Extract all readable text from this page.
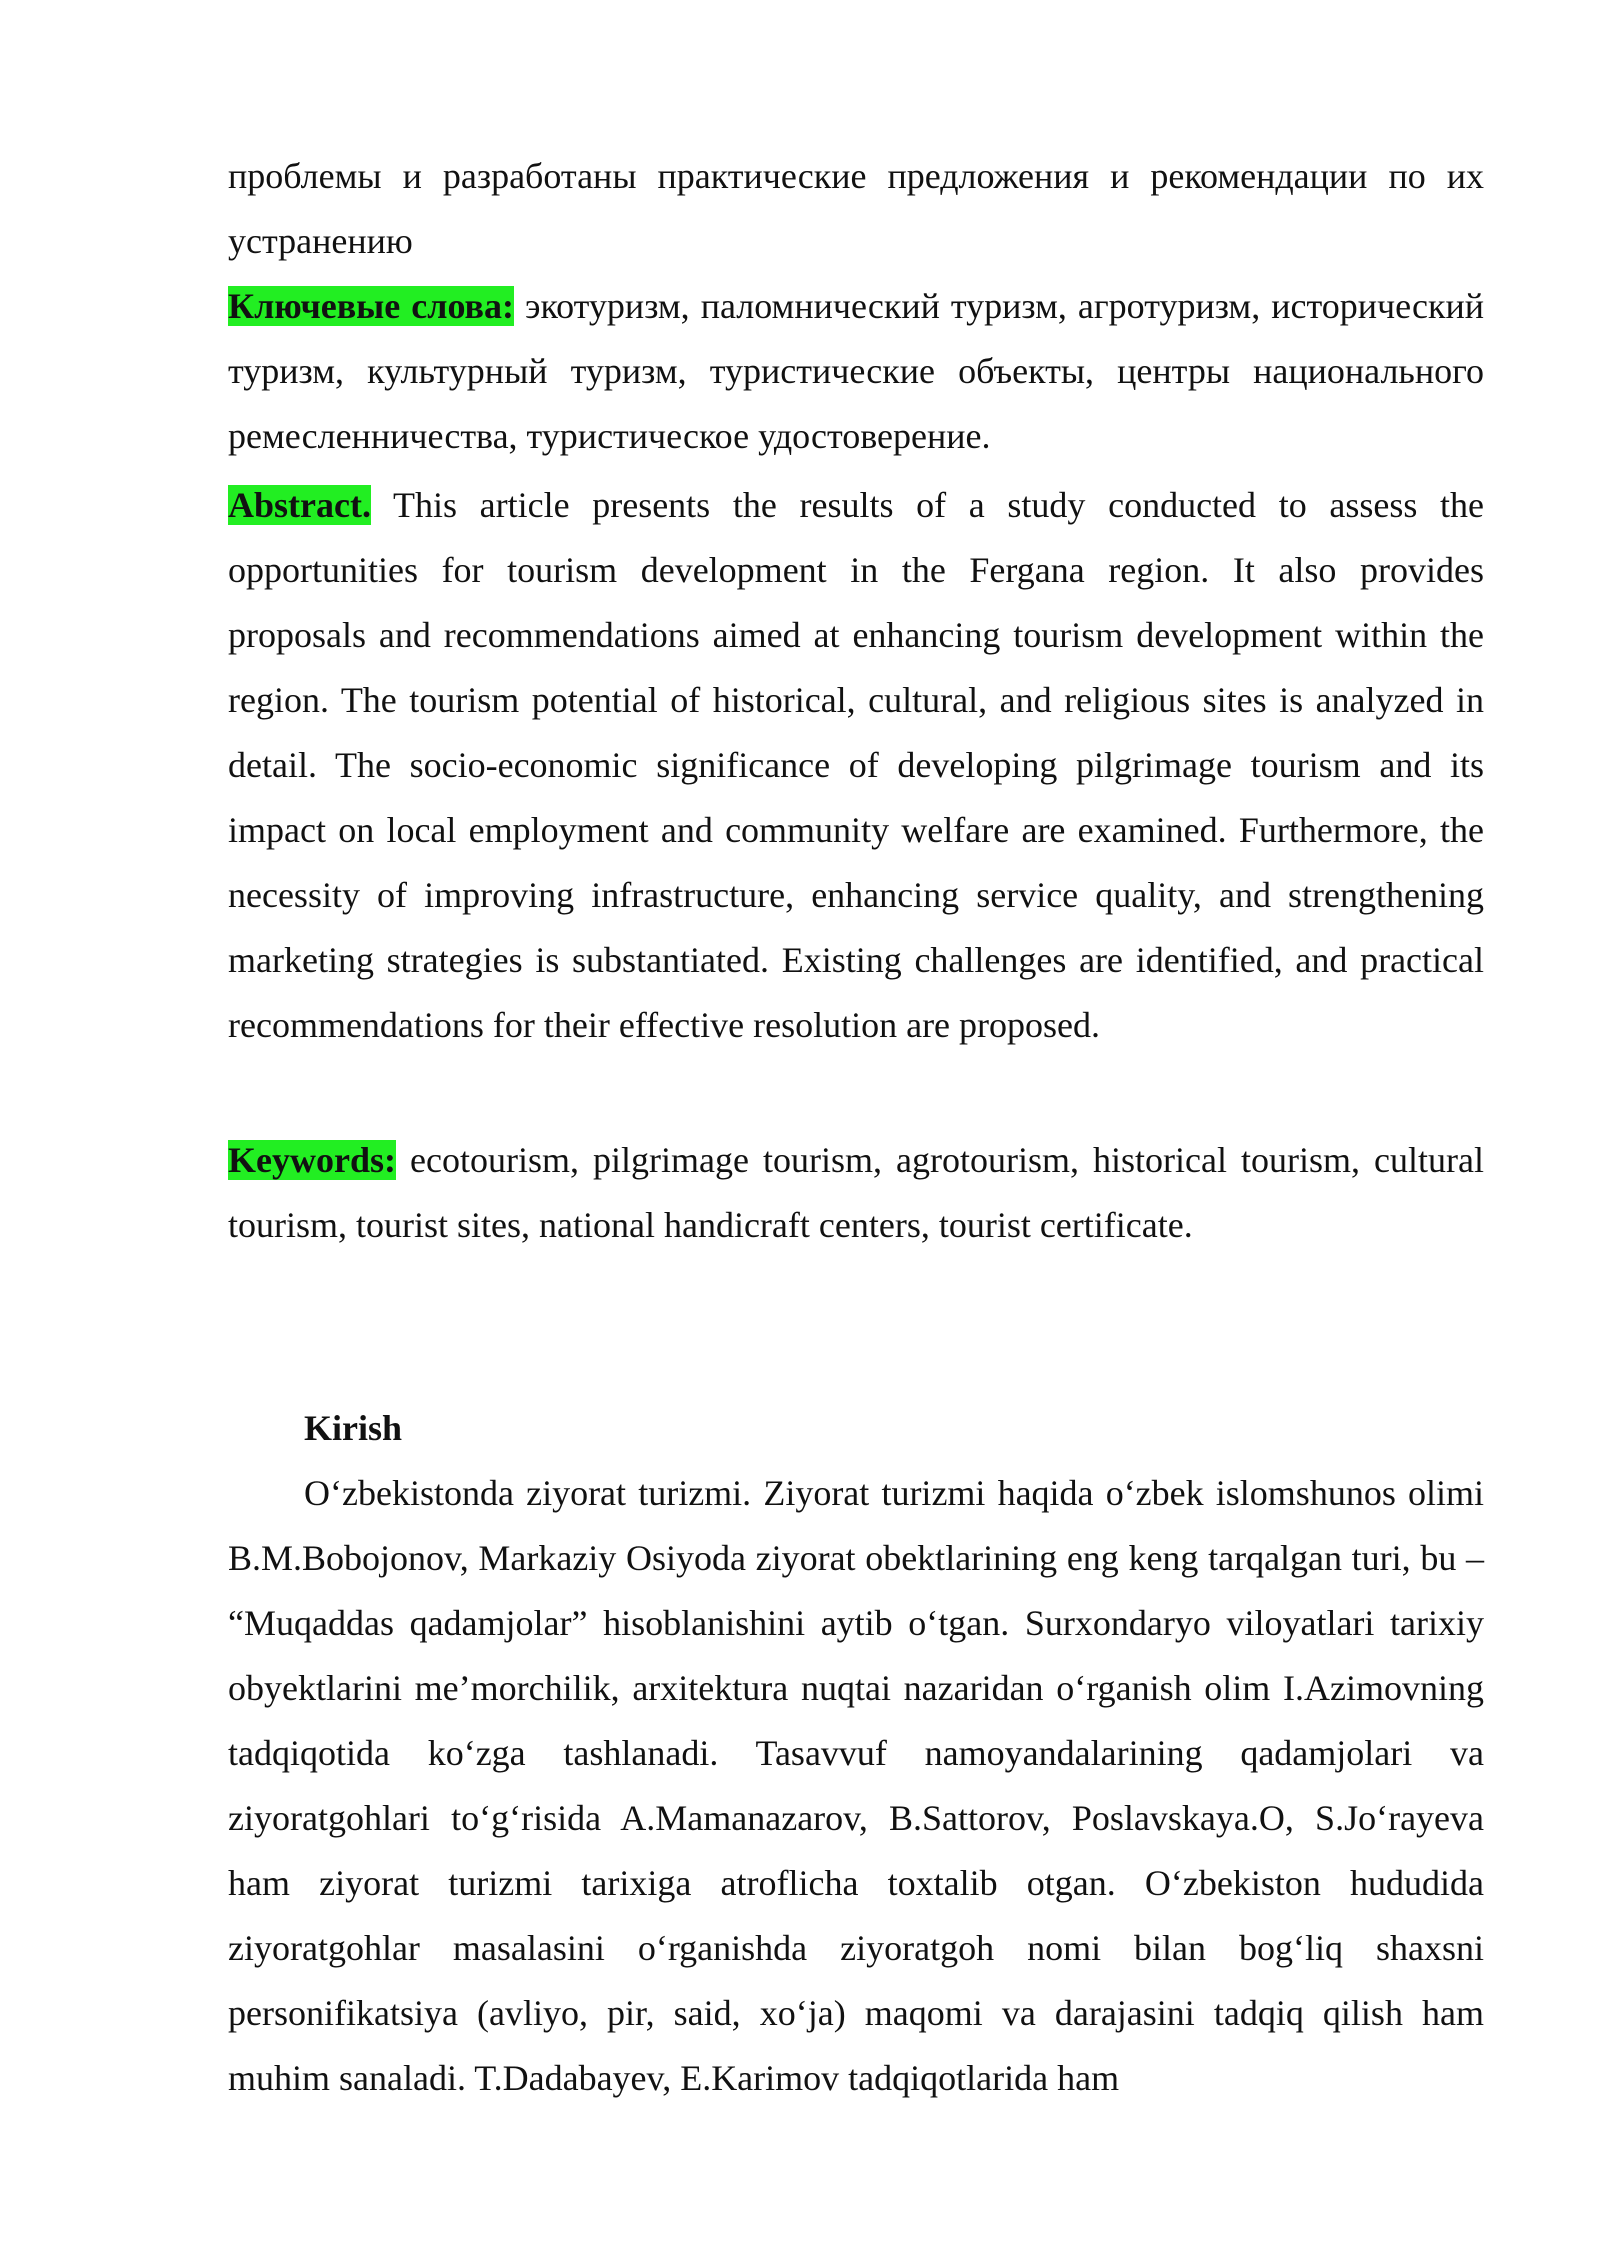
проблемы и разработаны практические предложения и рекомендации по их устранению
Ключевые слова: экотуризм, паломнический туризм, агротуризм, исторический туризм, культурный туризм, туристические объекты, центры национального ремесленничества, туристическое удостоверение.
Abstract. This article presents the results of a study conducted to assess the opportunities for tourism development in the Fergana region. It also provides proposals and recommendations aimed at enhancing tourism development within the region. The tourism potential of historical, cultural, and religious sites is analyzed in detail. The socio-economic significance of developing pilgrimage tourism and its impact on local employment and community welfare are examined. Furthermore, the necessity of improving infrastructure, enhancing service quality, and strengthening marketing strategies is substantiated. Existing challenges are identified, and practical recommendations for their effective resolution are proposed.
Keywords: ecotourism, pilgrimage tourism, agrotourism, historical tourism, cultural tourism, tourist sites, national handicraft centers, tourist certificate.
Kirish
O‘zbekistonda ziyorat turizmi. Ziyorat turizmi haqida o‘zbek islomshunos olimi B.M.Bobojonov, Markaziy Osiyoda ziyorat obektlarining eng keng tarqalgan turi, bu – “Muqaddas qadamjolar” hisoblanishini aytib o‘tgan. Surxondaryo viloyatlari tarixiy obyektlarini me’morchilik, arxitektura nuqtai nazaridan o‘rganish olim I.Azimovning tadqiqotida ko‘zga tashlanadi. Tasavvuf namoyandalarining qadamjolari va ziyoratgohlari to‘g‘risida A.Mamanazarov, B.Sattorov, Poslavskaya.O, S.Jo‘rayeva ham ziyorat turizmi tarixiga atroflicha toxtalib otgan. O‘zbekiston hududida ziyoratgohlar masalasini o‘rganishda ziyoratgoh nomi bilan bog‘liq shaxsni personifikatsiya (avliyo, pir, said, xo‘ja) maqomi va darajasini tadqiq qilish ham muhim sanaladi. T.Dadabayev, E.Karimov tadqiqotlarida ham
